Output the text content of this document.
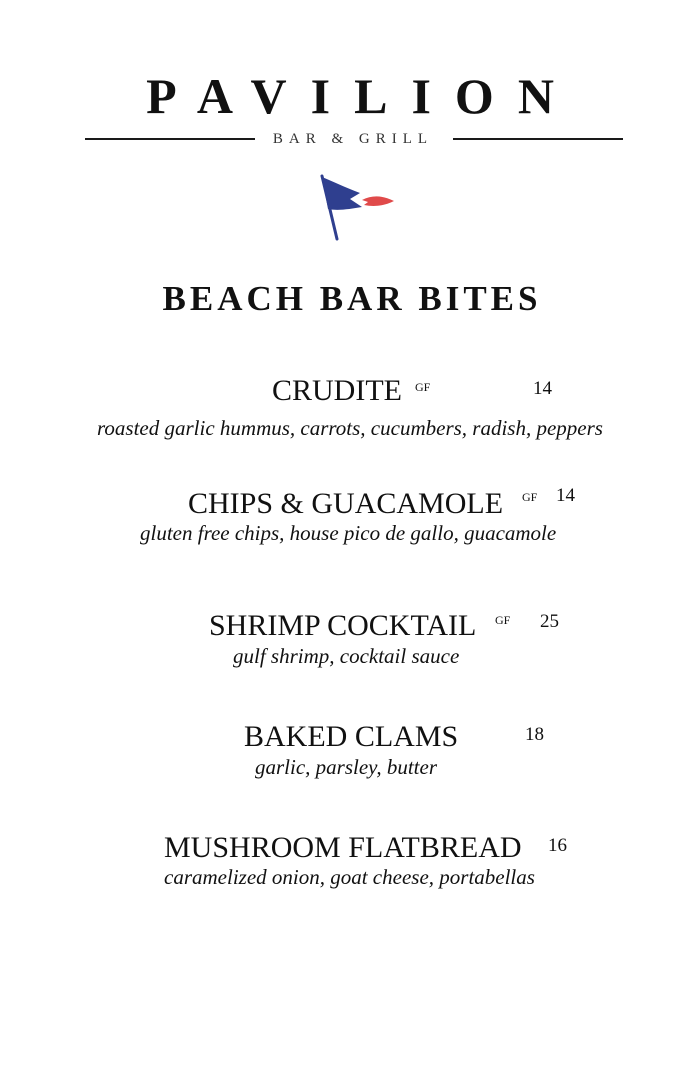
PAVILION
BAR & GRILL
BEACH BAR BITES
CRUDITE GF	14
roasted garlic hummus, carrots, cucumbers, radish, peppers
CHIPS & GUACAMOLE GF 14
gluten free chips, house pico de gallo, guacamole
SHRIMP COCKTAIL GF 25
gulf shrimp, cocktail sauce
BAKED CLAMS	18
garlic, parsley, butter
MUSHROOM FLATBREAD 16
caramelized onion, goat cheese, portabellas
